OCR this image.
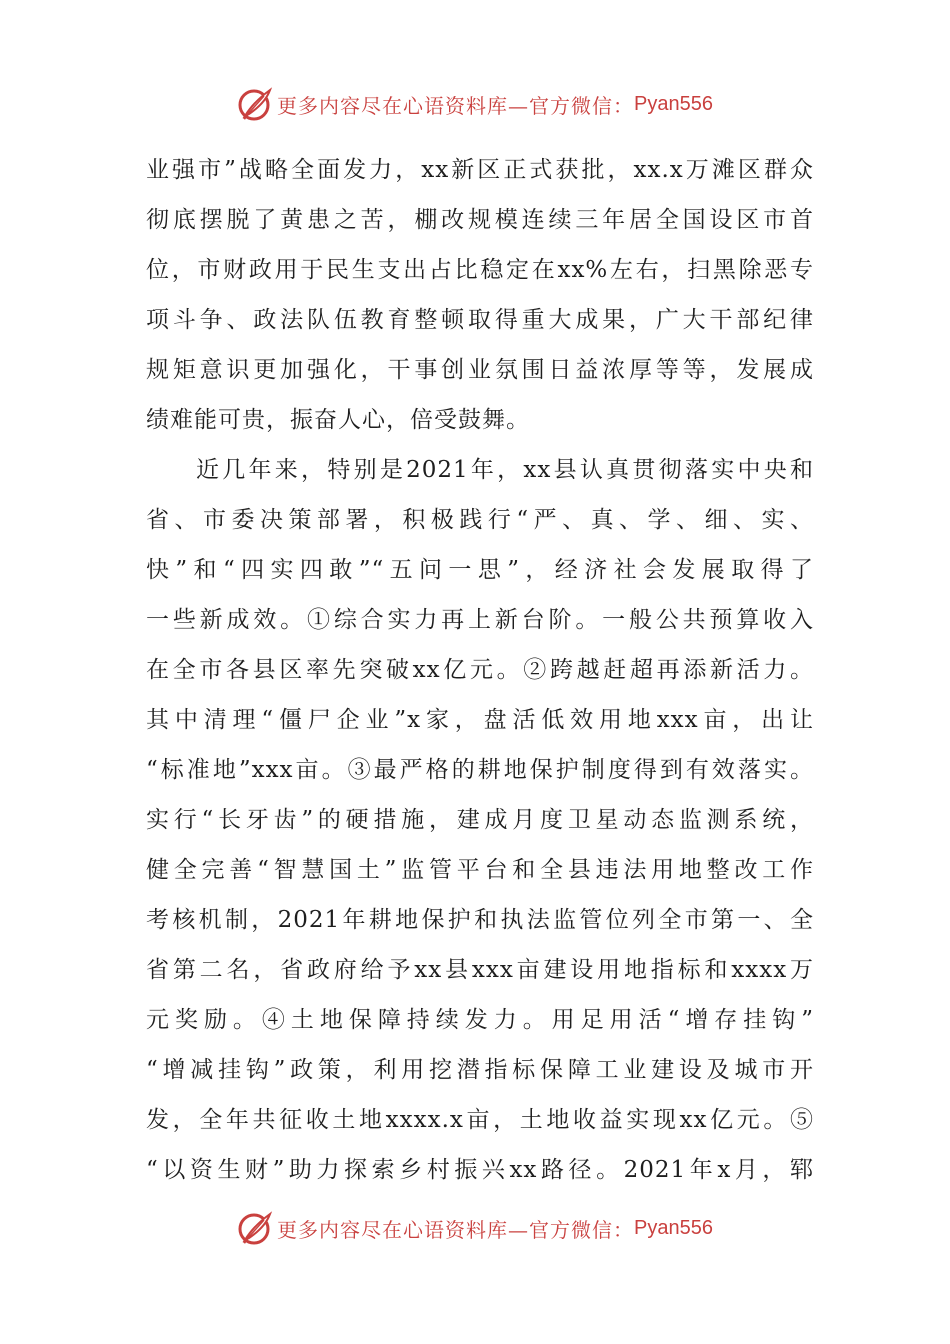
更多内容尽在心语资料库—官方微信： Pyan556
业强市”战略全面发力，xx新区正式获批，xx.x万滩区群众
彻底摆脱了黄患之苦，棚改规模连续三年居全国设区市首
位，市财政用于民生支出占比稳定在xx%左右，扫黑除恶专
项斗争、政法队伍教育整顿取得重大成果，广大干部纪律
规矩意识更加强化，干事创业氛围日益浓厚等等，发展成
绩难能可贵，振奋人心，倍受鼓舞。
近几年来，特别是2021年，xx县认真贯彻落实中央和
省、市委决策部署，积极践行“严、真、学、细、实、
快”和“四实四敢”“五问一思”，经济社会发展取得了
一些新成效。①综合实力再上新台阶。一般公共预算收入
在全市各县区率先突破xx亿元。②跨越赶超再添新活力。
其中清理“僵尸企业”x家，盘活低效用地xxx亩，出让
“标准地”xxx亩。③最严格的耕地保护制度得到有效落实。
实行“长牙齿”的硬措施，建成月度卫星动态监测系统，
健全完善“智慧国土”监管平台和全县违法用地整改工作
考核机制，2021年耕地保护和执法监管位列全市第一、全
省第二名，省政府给予xx县xxx亩建设用地指标和xxxx万
元奖励。④土地保障持续发力。用足用活“增存挂钩”
“增减挂钩”政策，利用挖潜指标保障工业建设及城市开
发，全年共征收土地xxxx.x亩，土地收益实现xx亿元。⑤
“以资生财”助力探索乡村振兴xx路径。2021年x月，郓
更多内容尽在心语资料库—官方微信： Pyan556
